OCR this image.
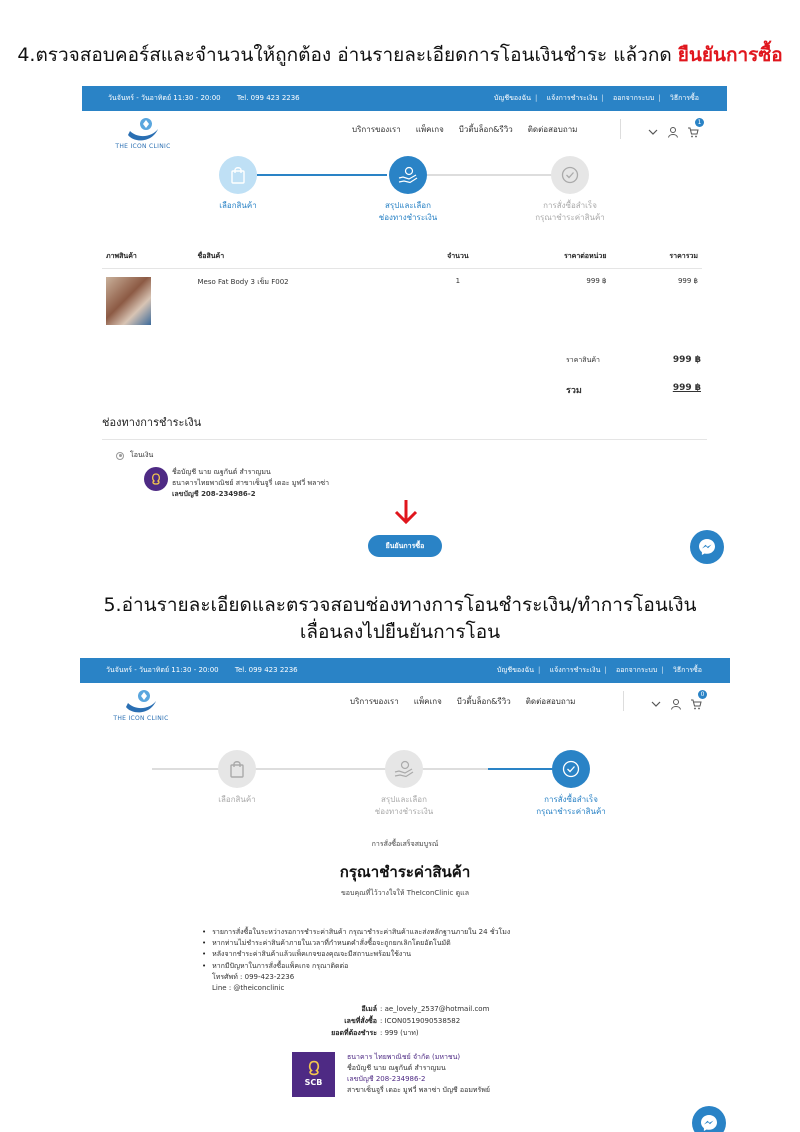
4.ตรวจสอบคอร์สและจำนวนให้ถูกต้อง อ่านรายละเอียดการโอนเงินชำระ แล้วกด ยืนยันการซื้อ
วันจันทร์ - วันอาทิตย์ 11:30 - 20:00 Tel. 099 423 2236	บัญชีของฉัน | แจ้งการชำระเงิน | ออกจากระบบ | วิธีการซื้อ
THE ICON CLINIC
บริการของเรา แพ็คเกจ บีวตี้บล็อก&รีวิว ติดต่อสอบถาม
1
เลือกสินค้า	สรุปและเลือก
ช่องทางชำระเงิน
การสั่งซื้อสำเร็จ
กรุณาชำระค่าสินค้า
ภาพสินค้า	ชื่อสินค้า	จำนวน	ราคาต่อหน่วย	ราคารวม

	Meso Fat Body 3 เข็ม F002	1	999 ฿	999 ฿
ราคาสินค้า	999 ฿
รวม	999 ฿
ช่องทางการชำระเงิน
โอนเงิน
ชื่อบัญชี นาย ณฐกันต์ สำราญมน
ธนาคารไทยพาณิชย์ สาขาเซ็นจูรี่ เดอะ มูฟวี่ พลาซ่า
เลขบัญชี 208-234986-2
ยืนยันการซื้อ
5.อ่านรายละเอียดและตรวจสอบช่องทางการโอนชำระเงิน/ทำการโอนเงิน
เลื่อนลงไปยืนยันการโอน
วันจันทร์ - วันอาทิตย์ 11:30 - 20:00 Tel. 099 423 2236	บัญชีของฉัน | แจ้งการชำระเงิน | ออกจากระบบ | วิธีการซื้อ
THE ICON CLINIC
บริการของเรา แพ็คเกจ บีวตี้บล็อก&รีวิว ติดต่อสอบถาม
0
เลือกสินค้า	สรุปและเลือก
ช่องทางชำระเงิน
การสั่งซื้อสำเร็จ
กรุณาชำระค่าสินค้า
การสั่งซื้อเสร็จสมบูรณ์
กรุณาชำระค่าสินค้า
ขอบคุณที่ไว้วางใจให้ TheIconClinic ดูแล
• รายการสั่งซื้อในระหว่างรอการชำระค่าสินค้า กรุณาชำระค่าสินค้าและส่งหลักฐานภายใน 24 ชั่วโมง
• หากท่านไม่ชำระค่าสินค้าภายในเวลาที่กำหนดคำสั่งซื้อจะถูกยกเลิกโดยอัตโนมัติ
• หลังจากชำระค่าสินค้าแล้วแพ็คเกจของคุณจะมีสถานะพร้อมใช้งาน
• หากมีปัญหาในการสั่งซื้อแพ็คเกจ กรุณาติดต่อ
โทรศัพท์ : 099-423-2236
Line : @theiconclinic
อีเมล์ : ae_lovely_2537@hotmail.com
เลขที่สั่งซื้อ : ICON0519090538582
ยอดที่ต้องชำระ : 999 (บาท)
SCB
ธนาคาร ไทยพาณิชย์ จำกัด (มหาชน)
ชื่อบัญชี นาย ณฐกันต์ สำราญมน
เลขบัญชี 208-234986-2
สาขาเซ็นจูรี่ เดอะ มูฟวี่ พลาซ่า บัญชี ออมทรัพย์
